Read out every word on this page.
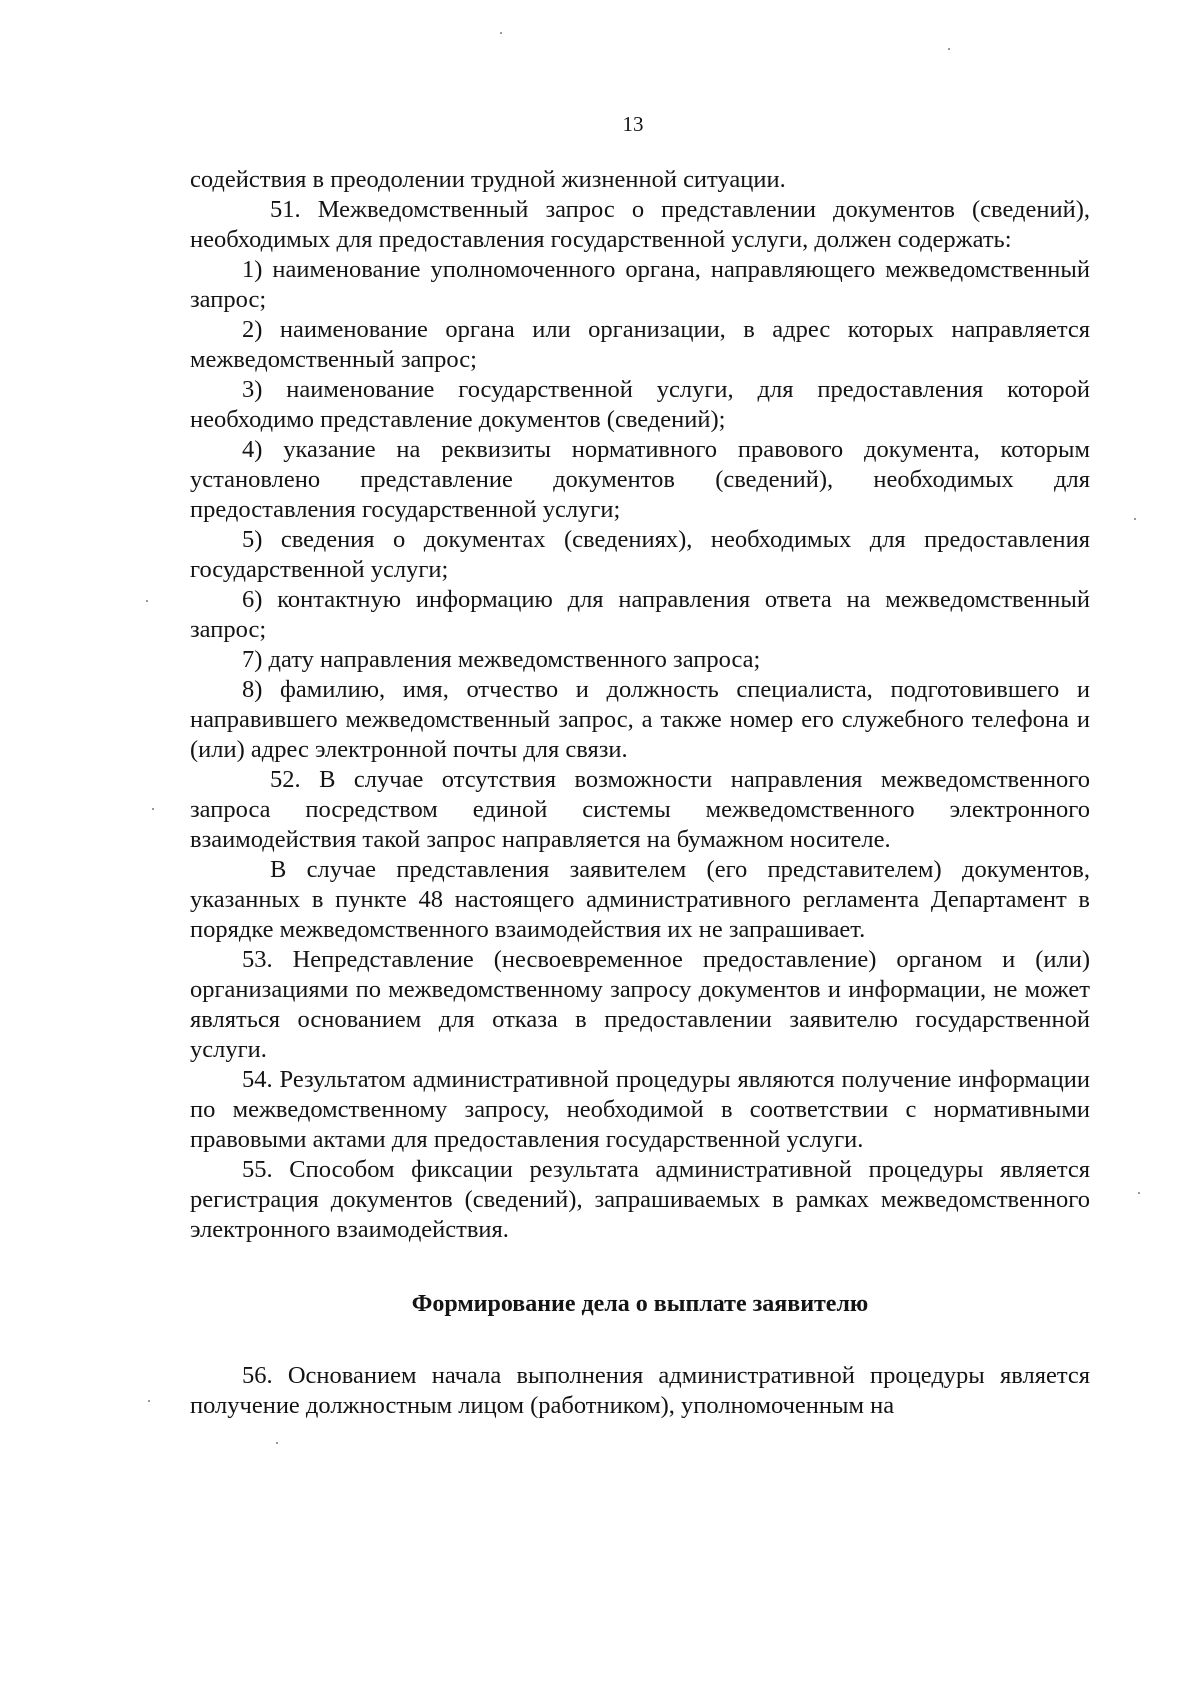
13

содействия в преодолении трудной жизненной ситуации.

51. Межведомственный запрос о представлении документов (сведений), необходимых для предоставления государственной услуги, должен содержать:

1) наименование уполномоченного органа, направляющего межведомственный запрос;

2) наименование органа или организации, в адрес которых направляется межведомственный запрос;

3) наименование государственной услуги, для предоставления которой необходимо представление документов (сведений);

4) указание на реквизиты нормативного правового документа, которым установлено представление документов (сведений), необходимых для предоставления государственной услуги;

5) сведения о документах (сведениях), необходимых для предоставления государственной услуги;

6) контактную информацию для направления ответа на межведомственный запрос;

7) дату направления межведомственного запроса;

8) фамилию, имя, отчество и должность специалиста, подготовившего и направившего межведомственный запрос, а также номер его служебного телефона и (или) адрес электронной почты для связи.

52. В случае отсутствия возможности направления межведомственного запроса посредством единой системы межведомственного электронного взаимодействия такой запрос направляется на бумажном носителе.

В случае представления заявителем (его представителем) документов, указанных в пункте 48 настоящего административного регламента Департамент в порядке межведомственного взаимодействия их не запрашивает.

53. Непредставление (несвоевременное предоставление) органом и (или) организациями по межведомственному запросу документов и информации, не может являться основанием для отказа в предоставлении заявителю государственной услуги.

54. Результатом административной процедуры являются получение информации по межведомственному запросу, необходимой в соответствии с нормативными правовыми актами для предоставления государственной услуги.

55. Способом фиксации результата административной процедуры является регистрация документов (сведений), запрашиваемых в рамках межведомственного электронного взаимодействия.

Формирование дела о выплате заявителю

56. Основанием начала выполнения административной процедуры является получение должностным лицом (работником), уполномоченным на
